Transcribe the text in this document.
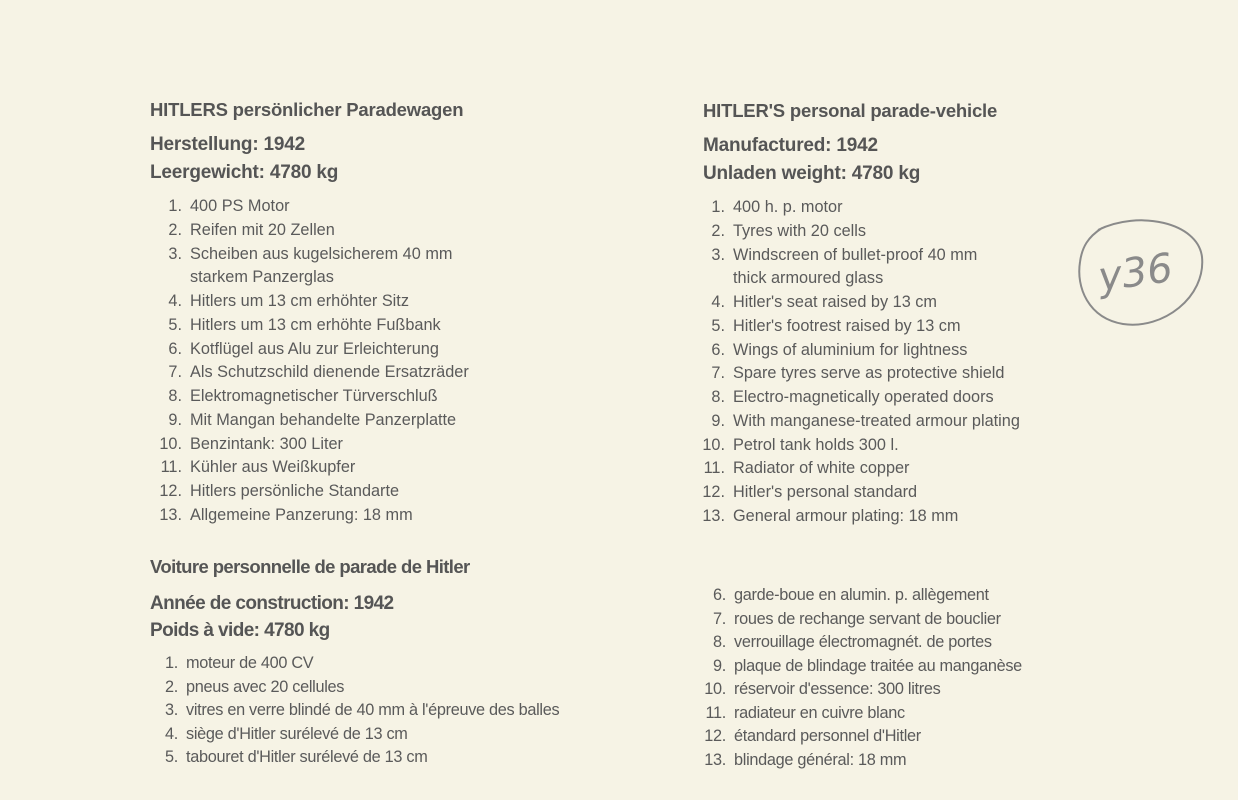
HITLERS persönlicher Paradewagen
Herstellung: 1942
Leergewicht: 4780 kg
1. 400 PS Motor
2. Reifen mit 20 Zellen
3. Scheiben aus kugelsicherem 40 mm
starkem Panzerglas
4. Hitlers um 13 cm erhöhter Sitz
5. Hitlers um 13 cm erhöhte Fußbank
6. Kotflügel aus Alu zur Erleichterung
7. Als Schutzschild dienende Ersatzräder
8. Elektromagnetischer Türverschluß
9. Mit Mangan behandelte Panzerplatte
10. Benzintank: 300 Liter
11. Kühler aus Weißkupfer
12. Hitlers persönliche Standarte
13. Allgemeine Panzerung: 18 mm
HITLER'S personal parade-vehicle
Manufactured: 1942
Unladen weight: 4780 kg
1. 400 h. p. motor
2. Tyres with 20 cells
3. Windscreen of bullet-proof 40 mm
thick armoured glass
4. Hitler's seat raised by 13 cm
5. Hitler's footrest raised by 13 cm
6. Wings of aluminium for lightness
7. Spare tyres serve as protective shield
8. Electro-magnetically operated doors
9. With manganese-treated armour plating
10. Petrol tank holds 300 l.
11. Radiator of white copper
12. Hitler's personal standard
13. General armour plating: 18 mm
Voiture personnelle de parade de Hitler
Année de construction: 1942
Poids à vide: 4780 kg
1. moteur de 400 CV
2. pneus avec 20 cellules
3. vitres en verre blindé de 40 mm à l'épreuve des balles
4. siège d'Hitler surélevé de 13 cm
5. tabouret d'Hitler surélevé de 13 cm
6. garde-boue en alumin. p. allègement
7. roues de rechange servant de bouclier
8. verrouillage électromagnét. de portes
9. plaque de blindage traitée au manganèse
10. réservoir d'essence: 300 litres
11. radiateur en cuivre blanc
12. étandard personnel d'Hitler
13. blindage général: 18 mm
y36
